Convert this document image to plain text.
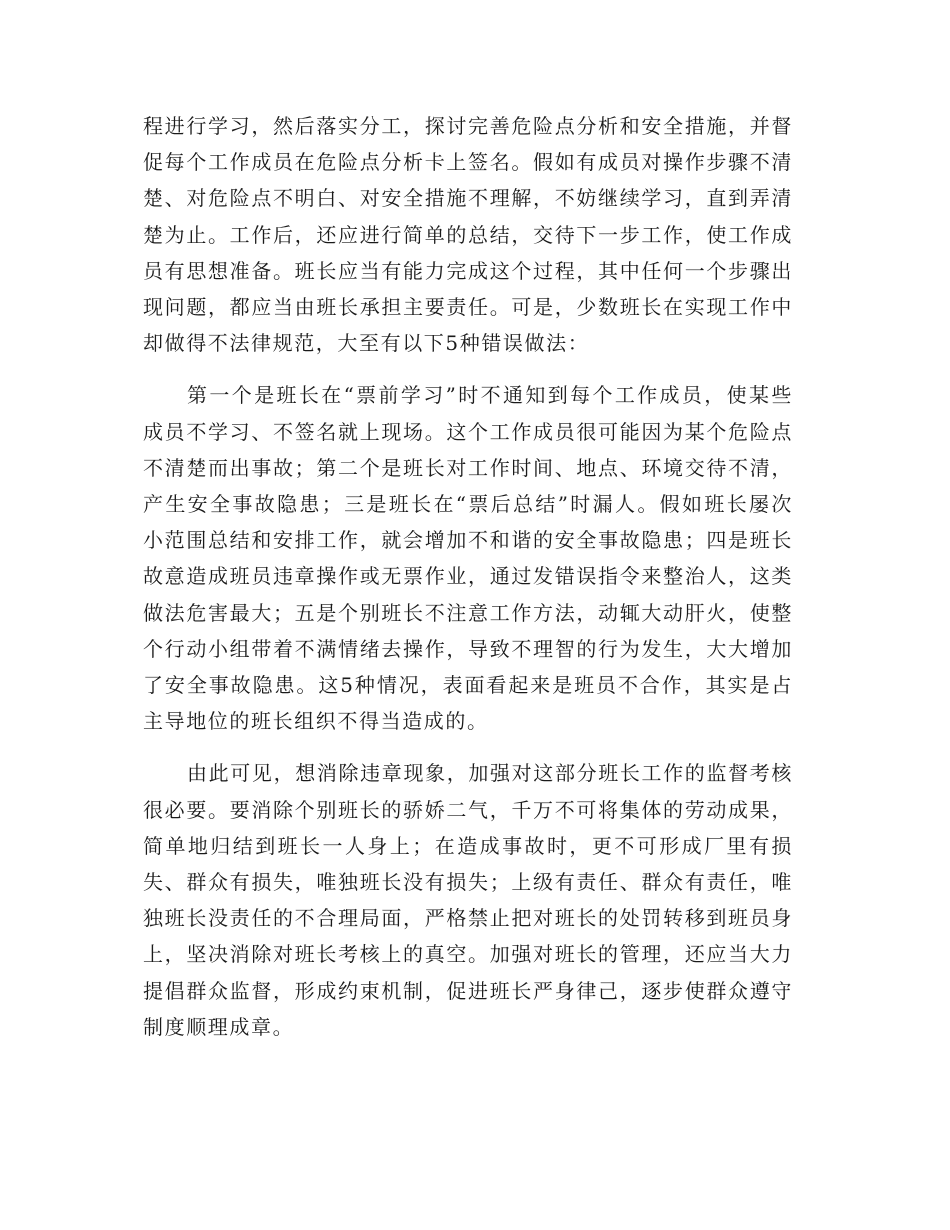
程进行学习，然后落实分工，探讨完善危险点分析和安全措施，并督促每个工作成员在危险点分析卡上签名。假如有成员对操作步骤不清楚、对危险点不明白、对安全措施不理解，不妨继续学习，直到弄清楚为止。工作后，还应进行简单的总结，交待下一步工作，使工作成员有思想准备。班长应当有能力完成这个过程，其中任何一个步骤出现问题，都应当由班长承担主要责任。可是，少数班长在实现工作中却做得不法律规范，大至有以下5种错误做法：

第一个是班长在“票前学习”时不通知到每个工作成员，使某些成员不学习、不签名就上现场。这个工作成员很可能因为某个危险点不清楚而出事故；第二个是班长对工作时间、地点、环境交待不清，产生安全事故隐患；三是班长在“票后总结”时漏人。假如班长屡次小范围总结和安排工作，就会增加不和谐的安全事故隐患；四是班长故意造成班员违章操作或无票作业，通过发错误指令来整治人，这类做法危害最大；五是个别班长不注意工作方法，动辄大动肝火，使整个行动小组带着不满情绪去操作，导致不理智的行为发生，大大增加了安全事故隐患。这5种情况，表面看起来是班员不合作，其实是占主导地位的班长组织不得当造成的。

由此可见，想消除违章现象，加强对这部分班长工作的监督考核很必要。要消除个别班长的骄娇二气，千万不可将集体的劳动成果，简单地归结到班长一人身上；在造成事故时，更不可形成厂里有损失、群众有损失，唯独班长没有损失；上级有责任、群众有责任，唯独班长没责任的不合理局面，严格禁止把对班长的处罚转移到班员身上，坚决消除对班长考核上的真空。加强对班长的管理，还应当大力提倡群众监督，形成约束机制，促进班长严身律己，逐步使群众遵守制度顺理成章。
